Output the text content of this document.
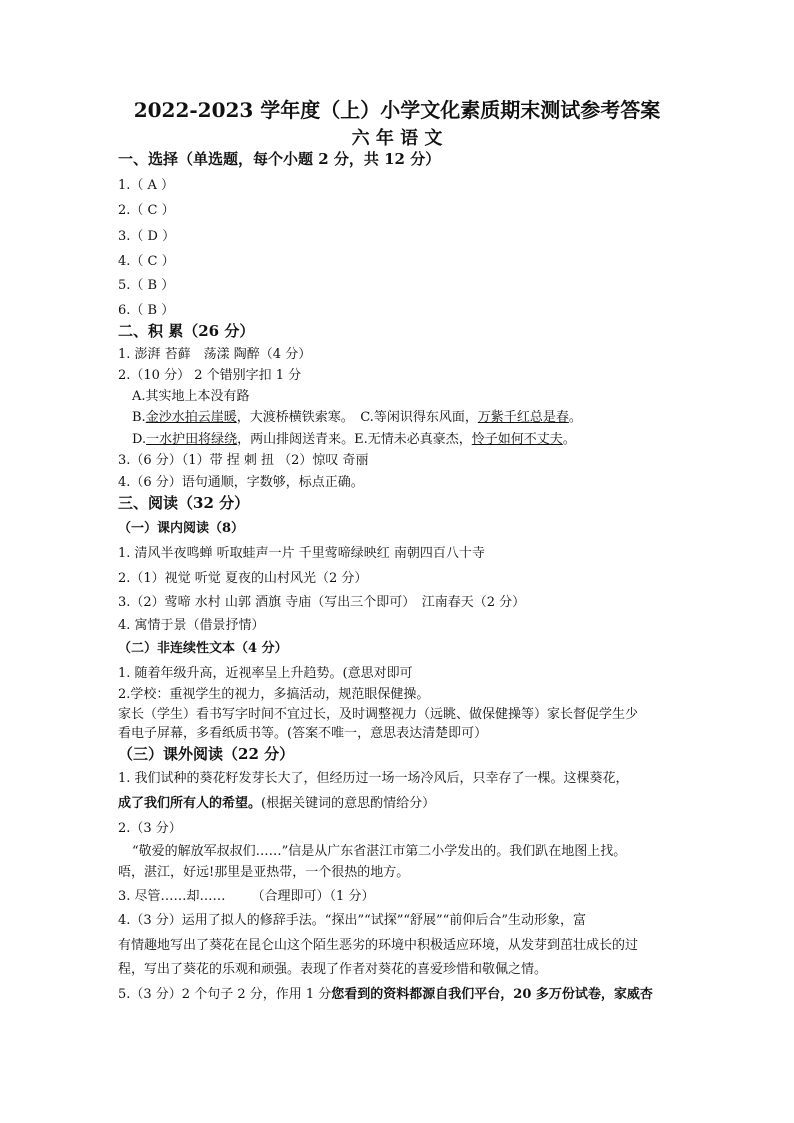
2022-2023 学年度（上）小学文化素质期末测试参考答案
六 年 语 文
一、选择（单选题，每个小题 2 分，共 12 分）
1.（ A ）
2.（ C ）
3.（ D ）
4.（ C ）
5.（ B ）
6.（ B ）
二、积 累（26 分）
1. 澎湃 苔藓　荡漾 陶醉（4 分）
2.（10 分） 2 个错别字扣 1 分
A.其实地上本没有路
B.金沙水拍云崖暖，大渡桥横铁索寒。　C.等闲识得东风面，万紫千红总是春。
D.一水护田将绿绕，两山排闼送青来。E.无情未必真豪杰，怜子如何不丈夫。
3.（6 分）（1）带 捏 刺 扭 （2）惊叹 奇丽
4.（6 分）语句通顺，字数够，标点正确。
三、阅读（32 分）
（一）课内阅读（8）
1. 清风半夜鸣蝉 听取蛙声一片 千里莺啼绿映红 南朝四百八十寺
2.（1）视觉 听觉 夏夜的山村风光（2 分）
3.（2）莺啼 水村 山郭 酒旗 寺庙（写出三个即可）　江南春天（2 分）
4. 寓情于景（借景抒情）
（二）非连续性文本（4 分）
1. 随着年级升高，近视率呈上升趋势。(意思对即可
2.学校：重视学生的视力，多搞活动，规范眼保健操。
家长（学生）看书写字时间不宜过长，及时调整视力（远眺、做保健操等）家长督促学生少
看电子屏幕，多看纸质书等。(答案不唯一，意思表达清楚即可）
（三）课外阅读（22 分）
1. 我们试种的葵花籽发芽长大了，但经历过一场一场冷风后，只幸存了一棵。这棵葵花，
成了我们所有人的希望。(根据关键词的意思酌情给分）
2.（3 分）
“敬爱的解放军叔叔们……”信是从广东省湛江市第二小学发出的。我们趴在地图上找。
唔，湛江，好远!那里是亚热带，一个很热的地方。
3. 尽管……却…… （合理即可）（1 分）
4.（3 分）运用了拟人的修辞手法。“探出”“试探”“舒展”“前仰后合”生动形象，富
有情趣地写出了葵花在昆仑山这个陌生恶劣的环境中积极适应环境，从发芽到茁壮成长的过
程，写出了葵花的乐观和顽强。表现了作者对葵花的喜爱珍惜和敬佩之情。
5.（3 分）2 个句子 2 分，作用 1 分您看到的资料都源自我们平台，20 多万份试卷，家威杏
